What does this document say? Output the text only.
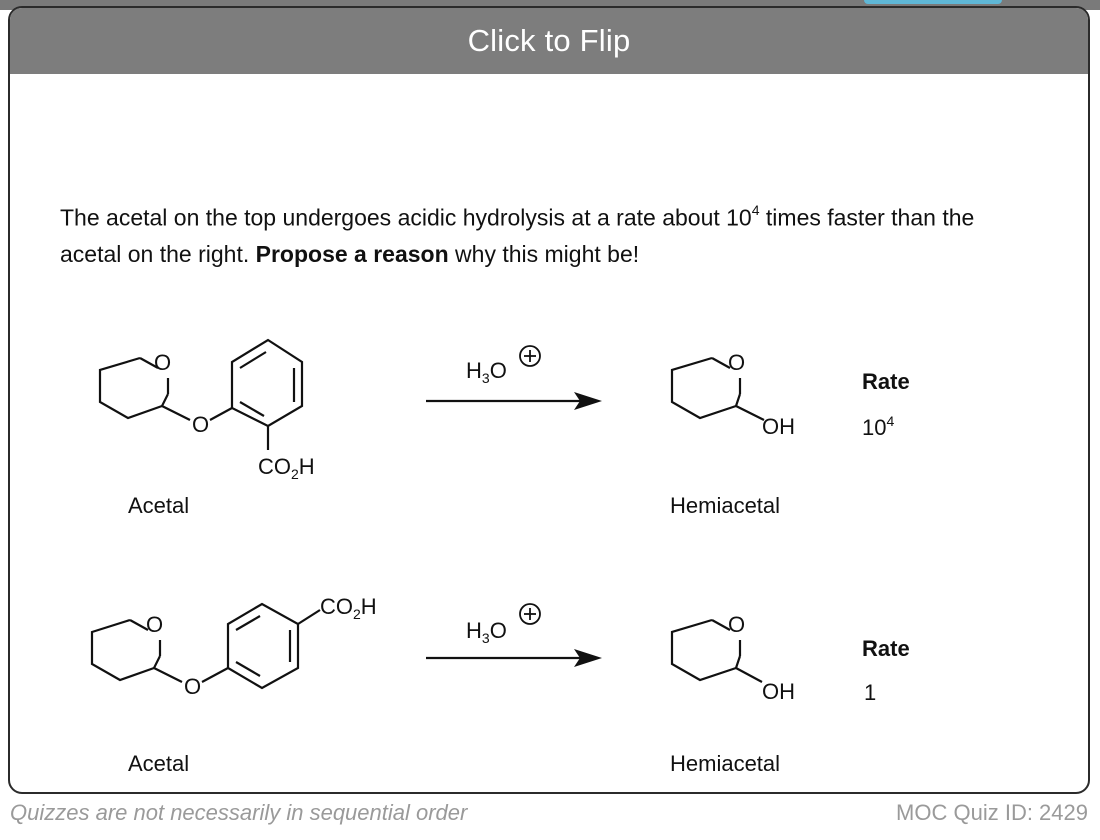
Click to Flip
The acetal on the top undergoes acidic hydrolysis at a rate about $10^4$ times faster than the acetal on the right. Propose a reason why this might be!
O
O
$CO_2H$
Acetal
$H_3O$	O
OH
Hemiacetal
Rate
$10^4$
O
O
$CO_2H$
Acetal
$H_3O$	O
OH
Hemiacetal
Rate
1
Quizzes are not necessarily in sequential order	MOC Quiz ID: 2429
